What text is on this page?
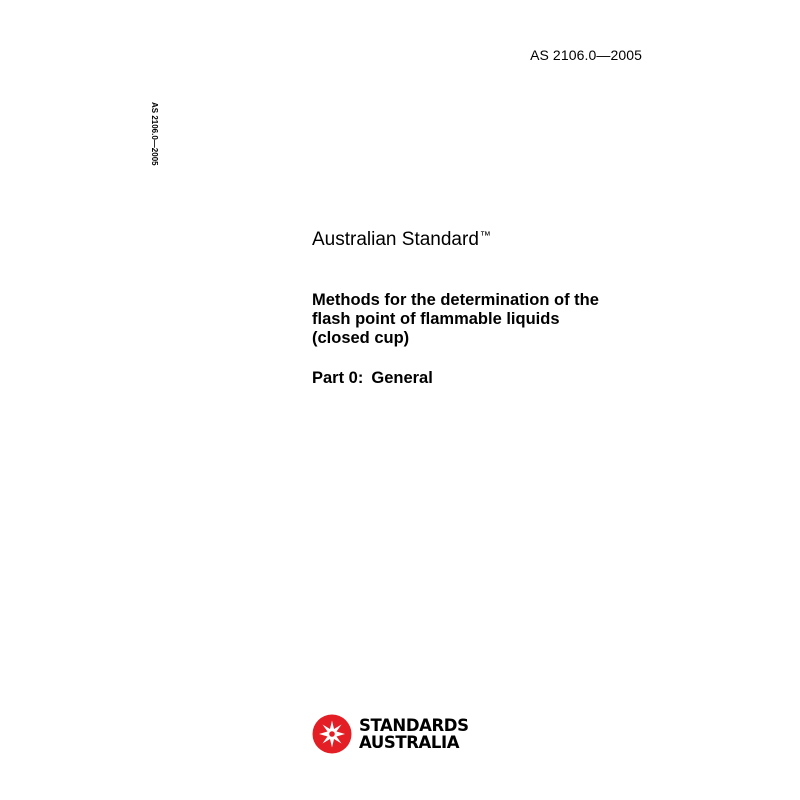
AS 2106.0—2005
AS 2106.0—2005
Australian Standard™
Methods for the determination of the
flash point of flammable liquids
(closed cup)
Part 0: General
STANDARDS
AUSTRALIA
